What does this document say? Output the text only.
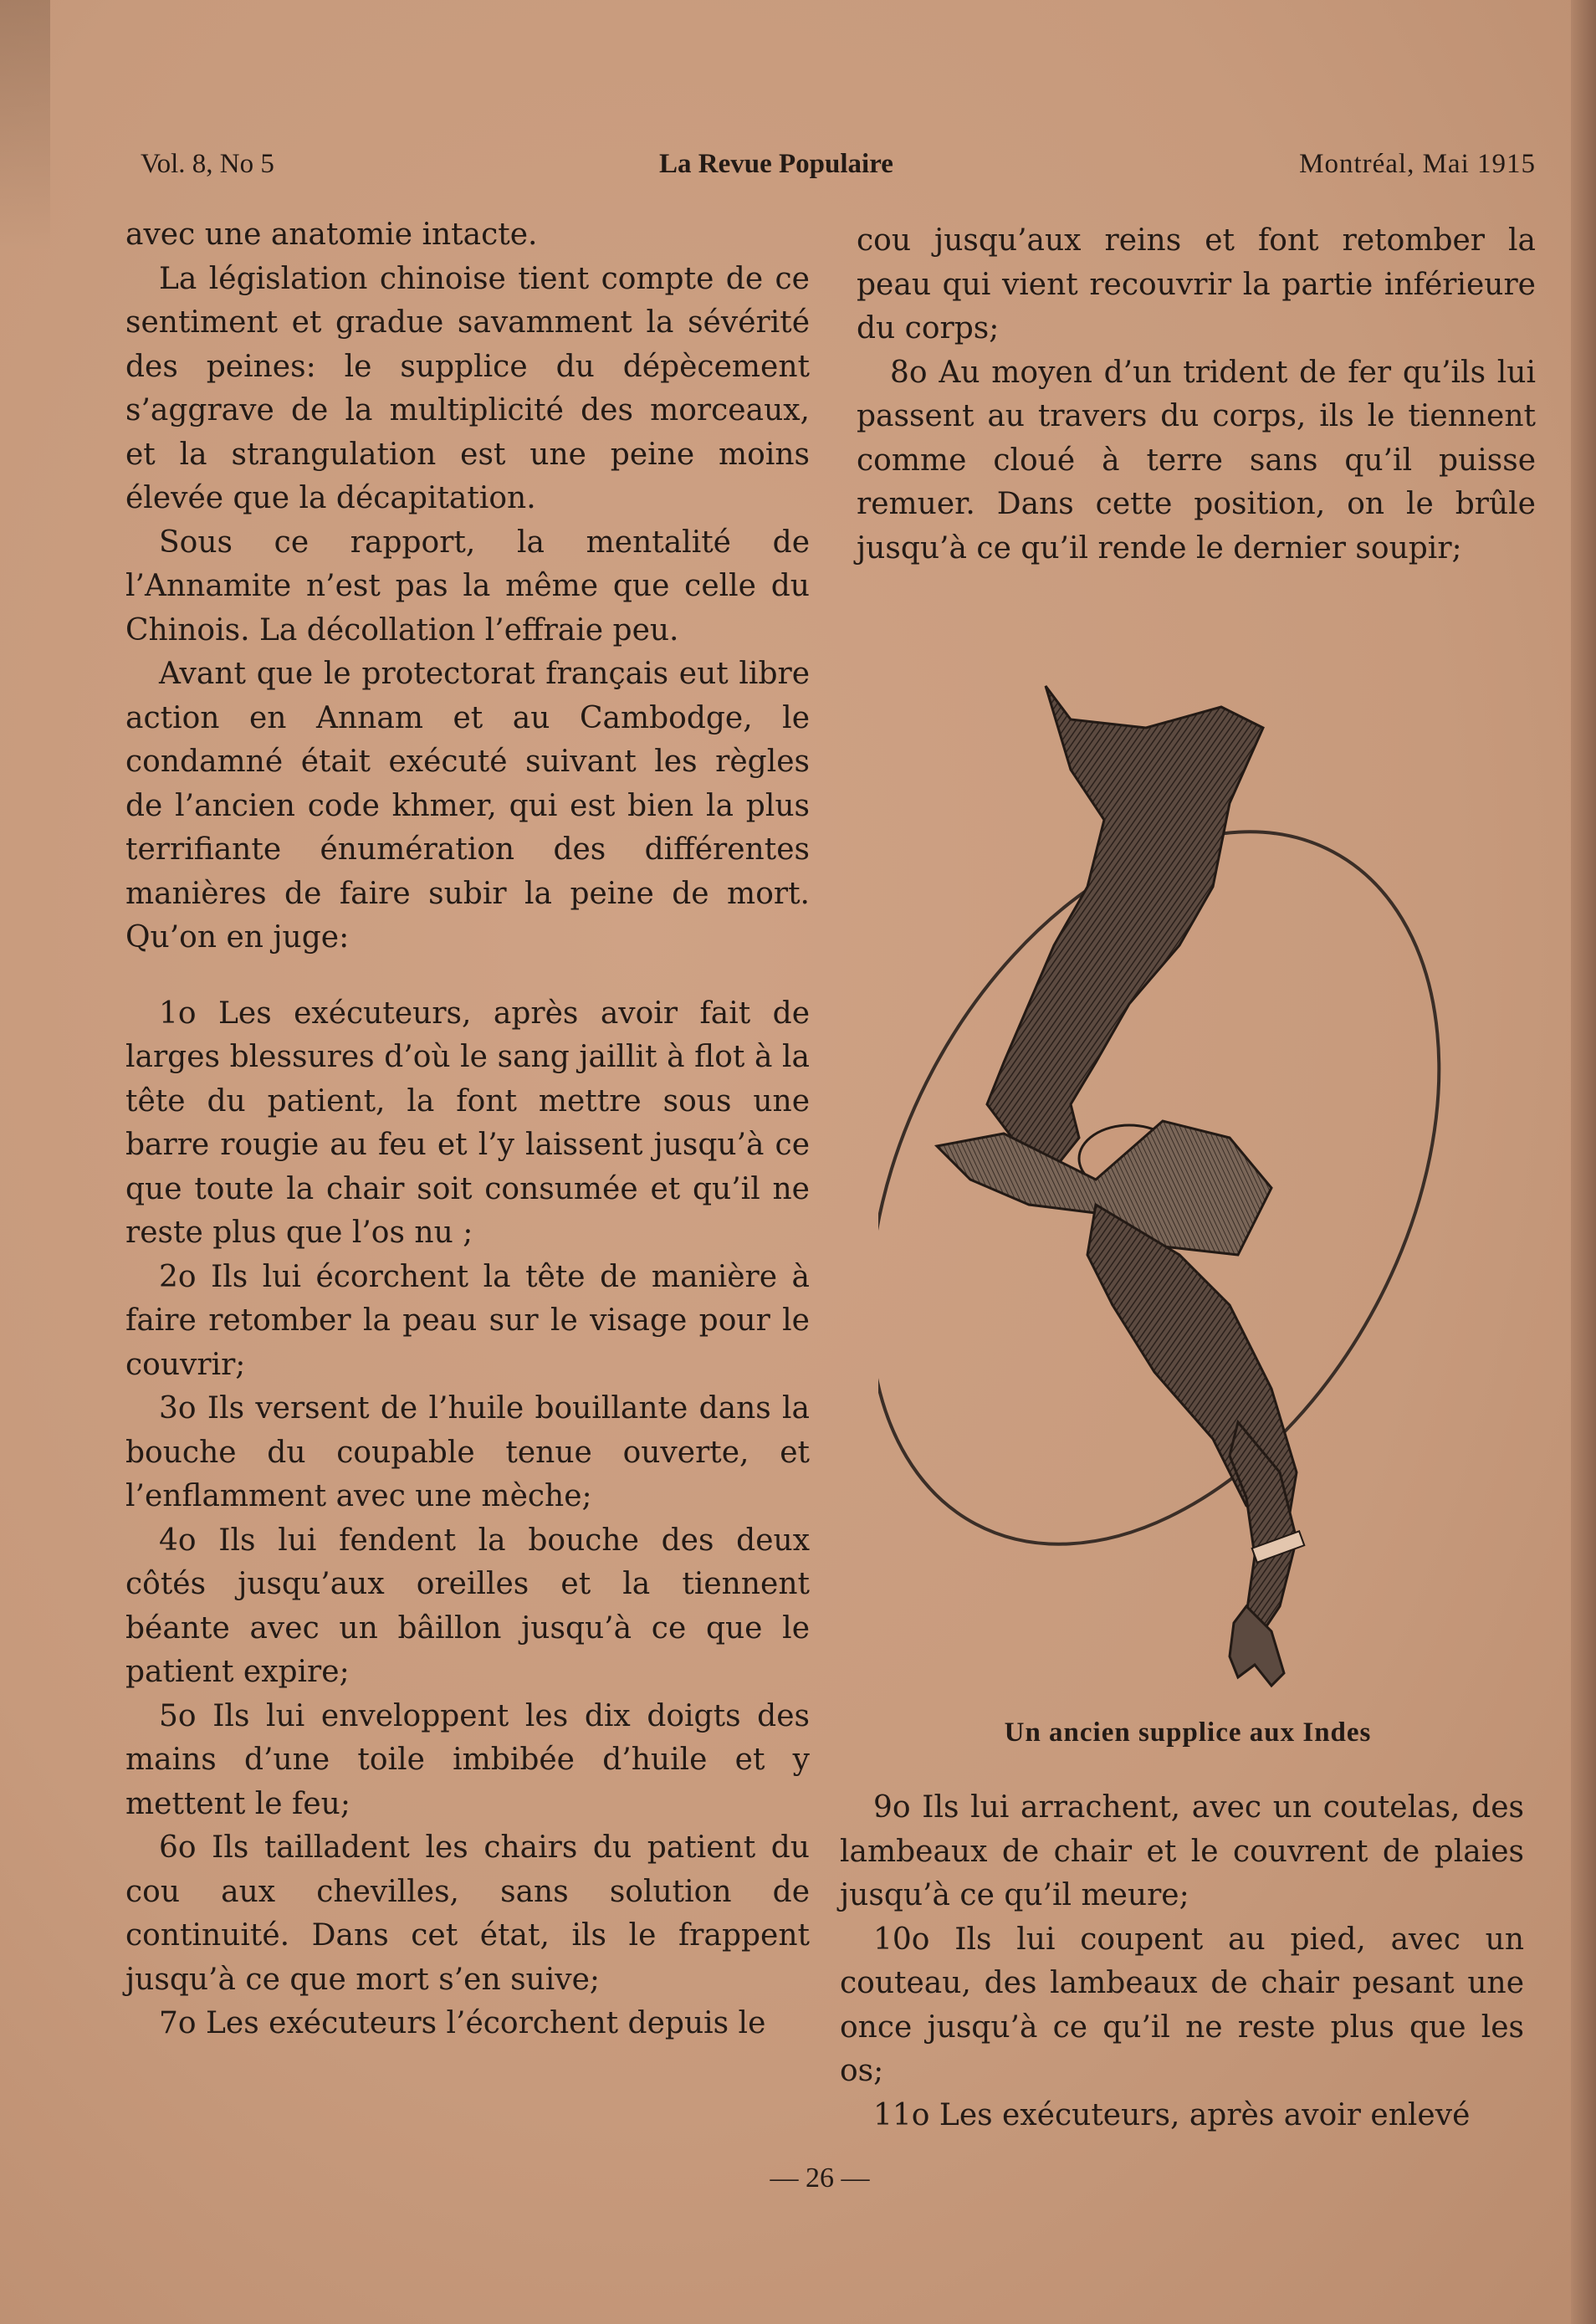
Vol. 8, No 5	La Revue Populaire	Montréal, Mai 1915

avec une anatomie intacte.

La législation chinoise tient compte de ce sentiment et gradue savamment la sévérité des peines: le supplice du dépècement s’aggrave de la multiplicité des morceaux, et la strangulation est une peine moins élevée que la décapitation.

Sous ce rapport, la mentalité de l’Annamite n’est pas la même que celle du Chinois. La décollation l’effraie peu.

Avant que le protectorat français eut libre action en Annam et au Cambodge, le condamné était exécuté suivant les règles de l’ancien code khmer, qui est bien la plus terrifiante énumération des différentes manières de faire subir la peine de mort. Qu’on en juge:

1o Les exécuteurs, après avoir fait de larges blessures d’où le sang jaillit à flot à la tête du patient, la font mettre sous une barre rougie au feu et l’y laissent jusqu’à ce que toute la chair soit consumée et qu’il ne reste plus que l’os nu ;

2o Ils lui écorchent la tête de manière à faire retomber la peau sur le visage pour le couvrir;

3o Ils versent de l’huile bouillante dans la bouche du coupable tenue ouverte, et l’enflamment avec une mèche;

4o Ils lui fendent la bouche des deux côtés jusqu’aux oreilles et la tiennent béante avec un bâillon jusqu’à ce que le patient expire;

5o Ils lui enveloppent les dix doigts des mains d’une toile imbibée d’huile et y mettent le feu;

6o Ils tailladent les chairs du patient du cou aux chevilles, sans solution de continuité. Dans cet état, ils le frappent jusqu’à ce que mort s’en suive;

7o Les exécuteurs l’écorchent depuis le

cou jusqu’aux reins et font retomber la peau qui vient recouvrir la partie inférieure du corps;

8o Au moyen d’un trident de fer qu’ils lui passent au travers du corps, ils le tiennent comme cloué à terre sans qu’il puisse remuer. Dans cette position, on le brûle jusqu’à ce qu’il rende le dernier soupir;

Un ancien supplice aux Indes

9o Ils lui arrachent, avec un coutelas, des lambeaux de chair et le couvrent de plaies jusqu’à ce qu’il meure;

10o Ils lui coupent au pied, avec un couteau, des lambeaux de chair pesant une once jusqu’à ce qu’il ne reste plus que les os;

11o Les exécuteurs, après avoir enlevé

— 26 —
